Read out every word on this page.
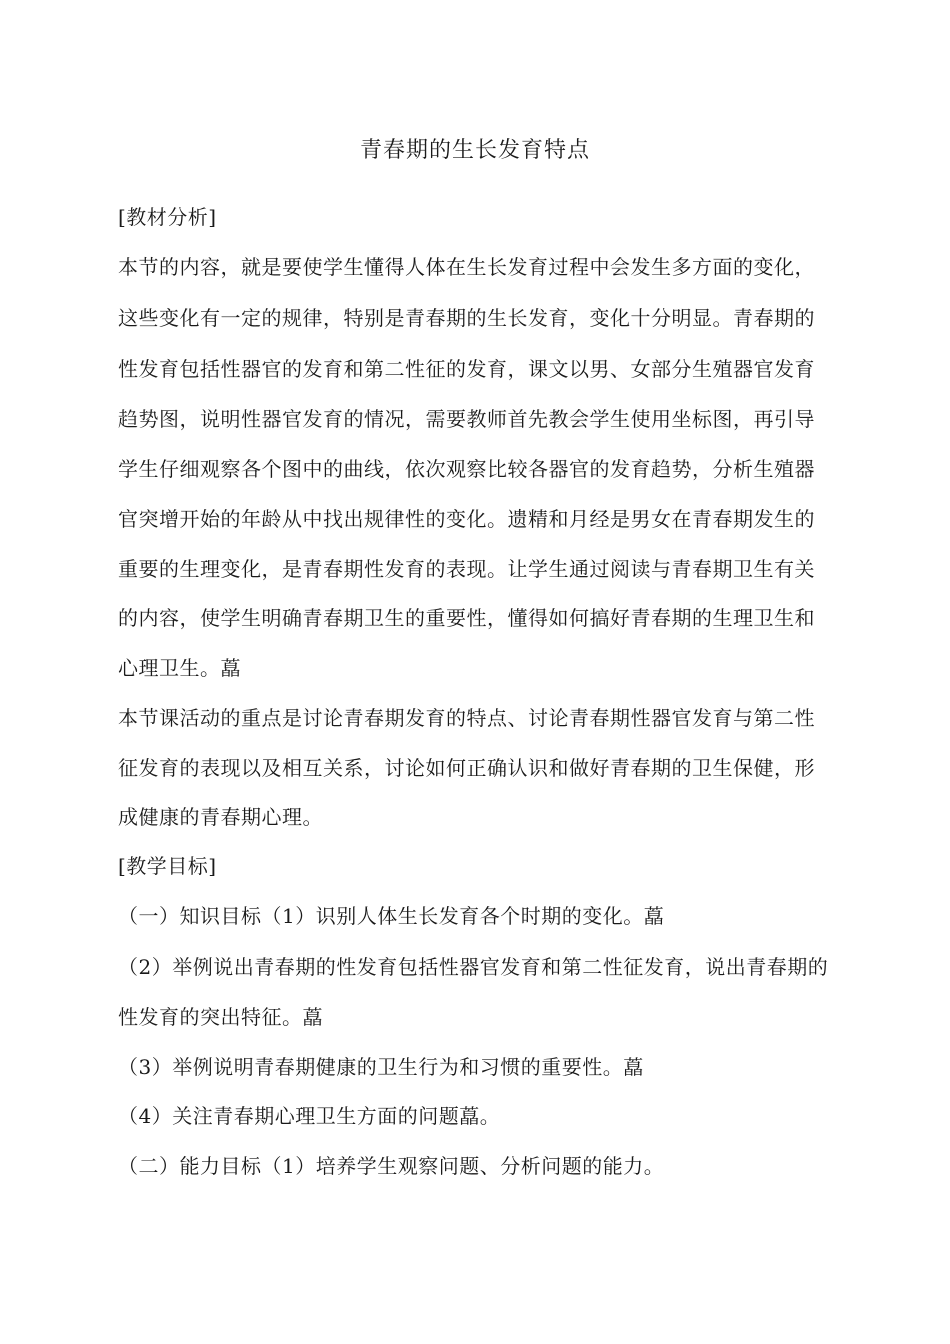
青春期的生长发育特点
[教材分析]
本节的内容，就是要使学生懂得人体在生长发育过程中会发生多方面的变化，
这些变化有一定的规律，特别是青春期的生长发育，变化十分明显。青春期的
性发育包括性器官的发育和第二性征的发育，课文以男、女部分生殖器官发育
趋势图，说明性器官发育的情况，需要教师首先教会学生使用坐标图，再引导
学生仔细观察各个图中的曲线，依次观察比较各器官的发育趋势，分析生殖器
官突增开始的年龄从中找出规律性的变化。遗精和月经是男女在青春期发生的
重要的生理变化，是青春期性发育的表现。让学生通过阅读与青春期卫生有关
的内容，使学生明确青春期卫生的重要性，懂得如何搞好青春期的生理卫生和
心理卫生。藠
本节课活动的重点是讨论青春期发育的特点、讨论青春期性器官发育与第二性
征发育的表现以及相互关系，讨论如何正确认识和做好青春期的卫生保健，形
成健康的青春期心理。
[教学目标]
（一）知识目标（1）识别人体生长发育各个时期的变化。藠
（2）举例说出青春期的性发育包括性器官发育和第二性征发育，说出青春期的
性发育的突出特征。藠
（3）举例说明青春期健康的卫生行为和习惯的重要性。藠
（4）关注青春期心理卫生方面的问题藠。
（二）能力目标（1）培养学生观察问题、分析问题的能力。
